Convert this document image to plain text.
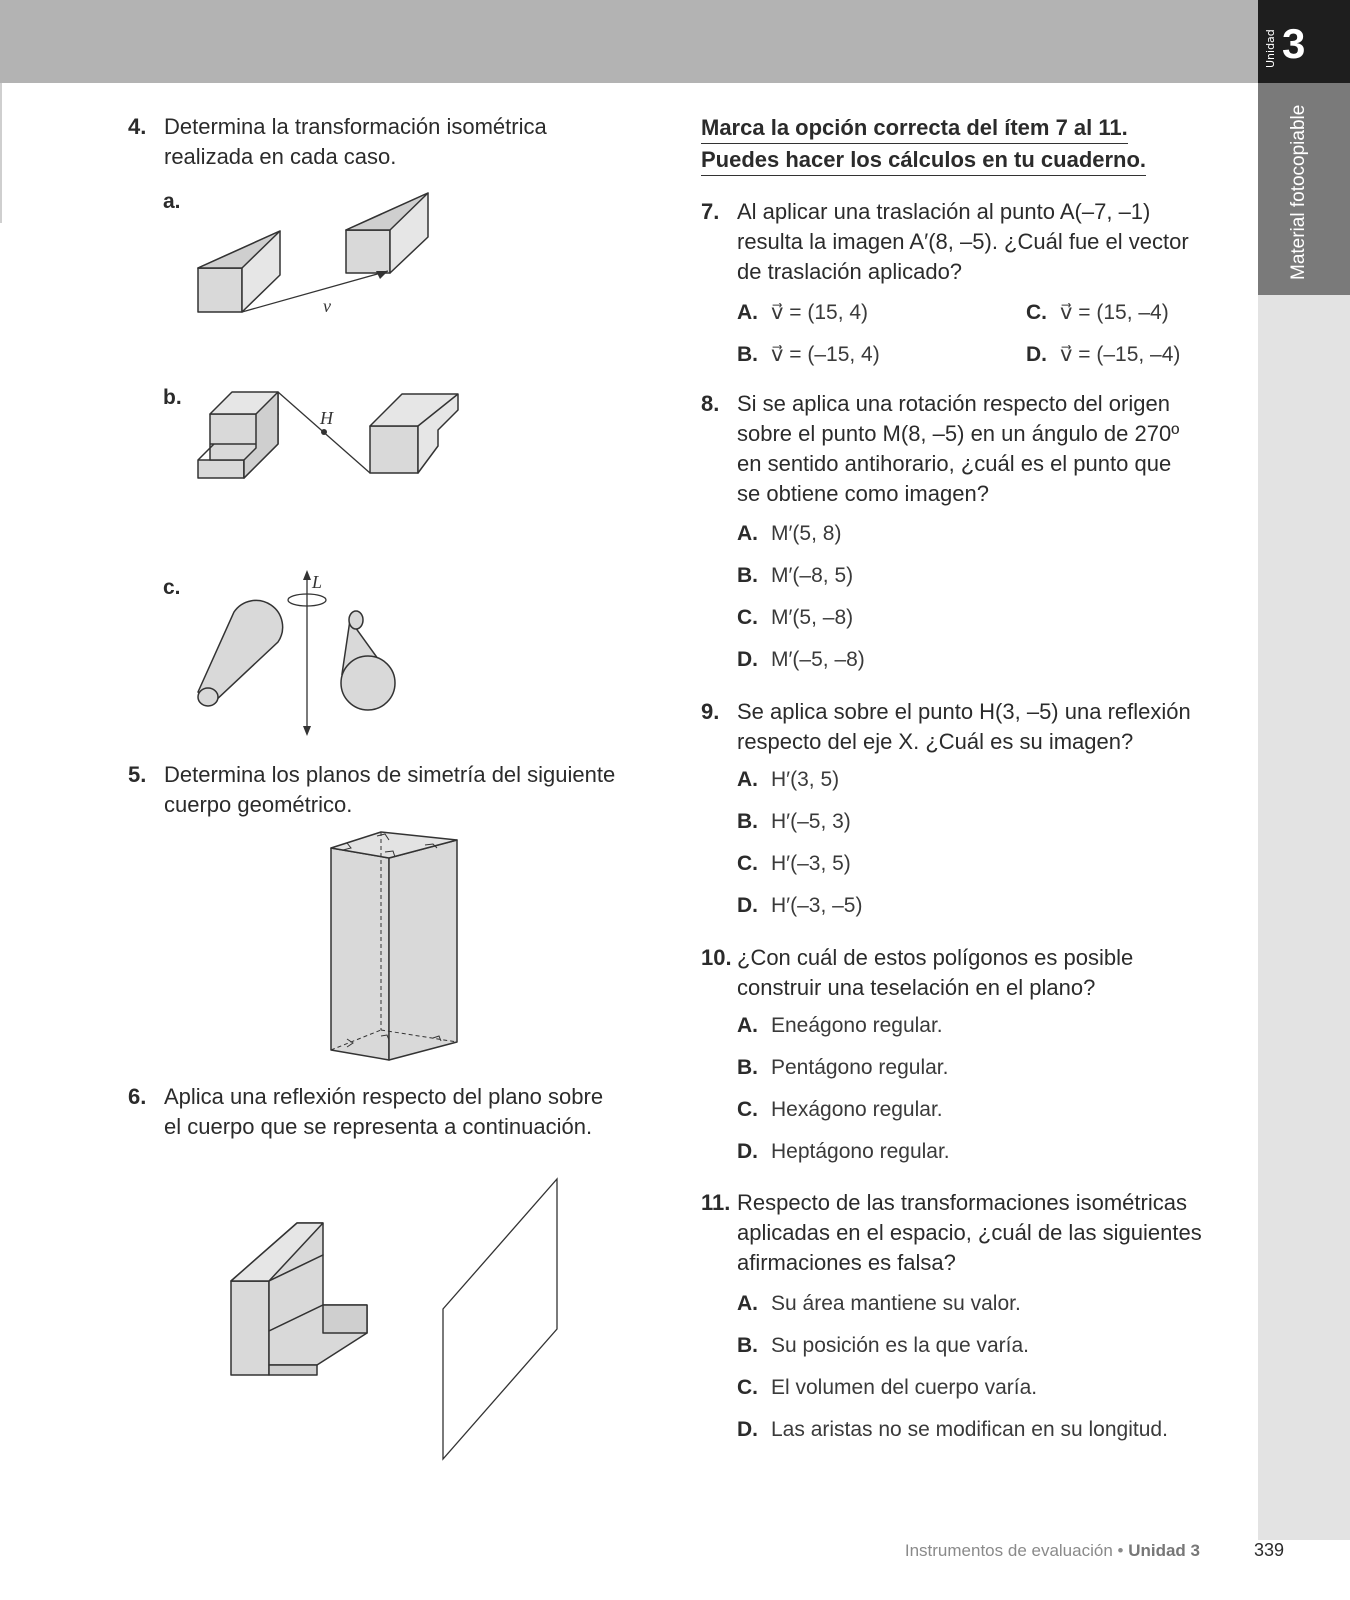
Unidad 3
Material fotocopiable
4. Determina la transformación isométrica
realizada en cada caso.
a.
b.
c.
v⃗
H
L
5. Determina los planos de simetría del siguiente
cuerpo geométrico.
6. Aplica una reflexión respecto del plano sobre
el cuerpo que se representa a continuación.
Marca la opción correcta del ítem 7 al 11.
Puedes hacer los cálculos en tu cuaderno.
7. Al aplicar una traslación al punto A(–7, –1)
resulta la imagen A′(8, –5). ¿Cuál fue el vector
de traslación aplicado?
A. v⃗ = (15, 4)
B. v⃗ = (–15, 4)
C. v⃗ = (15, –4)
D. v⃗ = (–15, –4)
8. Si se aplica una rotación respecto del origen
sobre el punto M(8, –5) en un ángulo de 270º
en sentido antihorario, ¿cuál es el punto que
se obtiene como imagen?
A. M′(5, 8)
B. M′(–8, 5)
C. M′(5, –8)
D. M′(–5, –8)
9. Se aplica sobre el punto H(3, –5) una reflexión
respecto del eje X. ¿Cuál es su imagen?
A. H′(3, 5)
B. H′(–5, 3)
C. H′(–3, 5)
D. H′(–3, –5)
10. ¿Con cuál de estos polígonos es posible
construir una teselación en el plano?
A. Eneágono regular.
B. Pentágono regular.
C. Hexágono regular.
D. Heptágono regular.
11. Respecto de las transformaciones isométricas
aplicadas en el espacio, ¿cuál de las siguientes
afirmaciones es falsa?
A. Su área mantiene su valor.
B. Su posición es la que varía.
C. El volumen del cuerpo varía.
D. Las aristas no se modifican en su longitud.
Instrumentos de evaluación • Unidad 3	339
